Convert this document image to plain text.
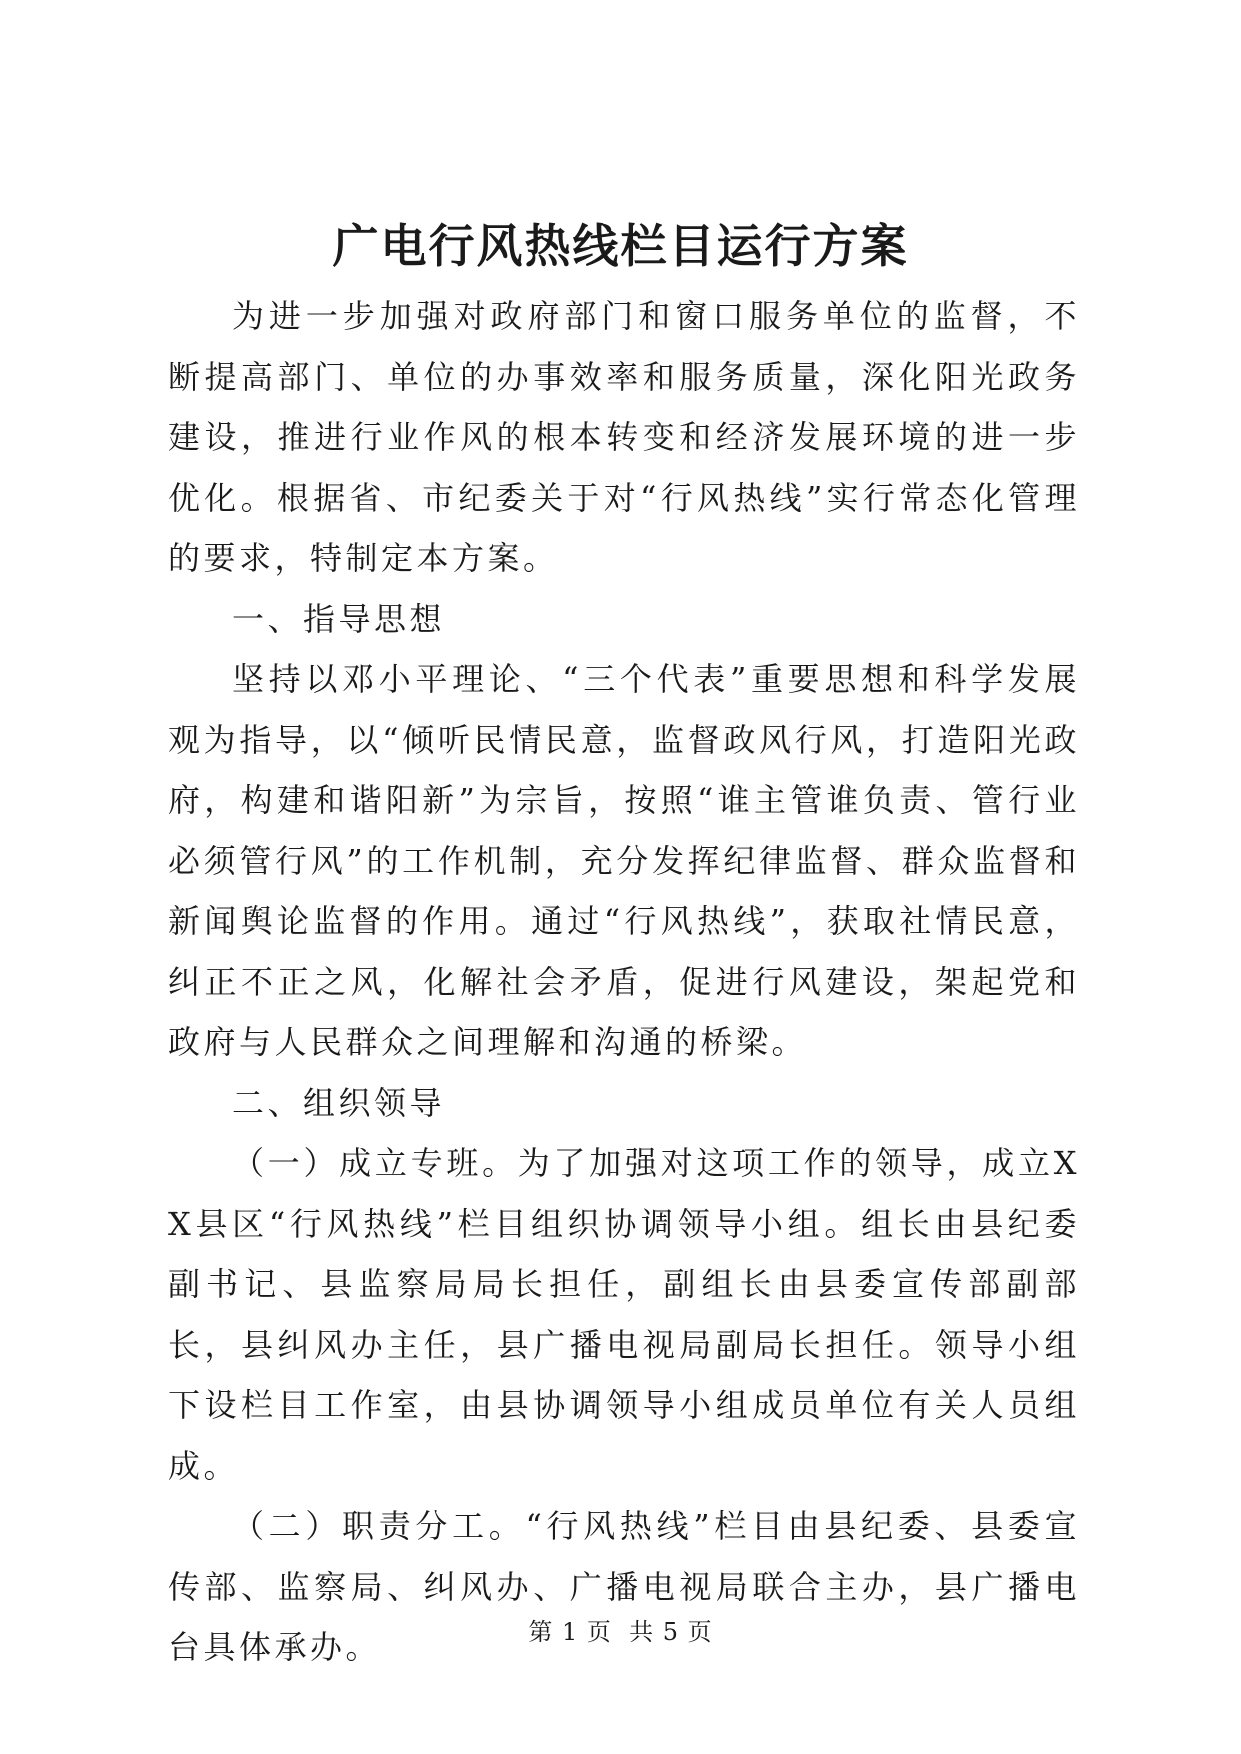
广电行风热线栏目运行方案

为进一步加强对政府部门和窗口服务单位的监督，不断提高部门、单位的办事效率和服务质量，深化阳光政务建设，推进行业作风的根本转变和经济发展环境的进一步优化。根据省、市纪委关于对“行风热线”实行常态化管理的要求，特制定本方案。

一、指导思想

坚持以邓小平理论、“三个代表”重要思想和科学发展观为指导，以“倾听民情民意，监督政风行风，打造阳光政府，构建和谐阳新”为宗旨，按照“谁主管谁负责、管行业必须管行风”的工作机制，充分发挥纪律监督、群众监督和新闻舆论监督的作用。通过“行风热线”，获取社情民意，纠正不正之风，化解社会矛盾，促进行风建设，架起党和政府与人民群众之间理解和沟通的桥梁。

二、组织领导

（一）成立专班。为了加强对这项工作的领导，成立XX县区“行风热线”栏目组织协调领导小组。组长由县纪委副书记、县监察局局长担任，副组长由县委宣传部副部长，县纠风办主任，县广播电视局副局长担任。领导小组下设栏目工作室，由县协调领导小组成员单位有关人员组成。

（二）职责分工。“行风热线”栏目由县纪委、县委宣传部、监察局、纠风办、广播电视局联合主办，县广播电台具体承办。	第 1 页  共 5 页
